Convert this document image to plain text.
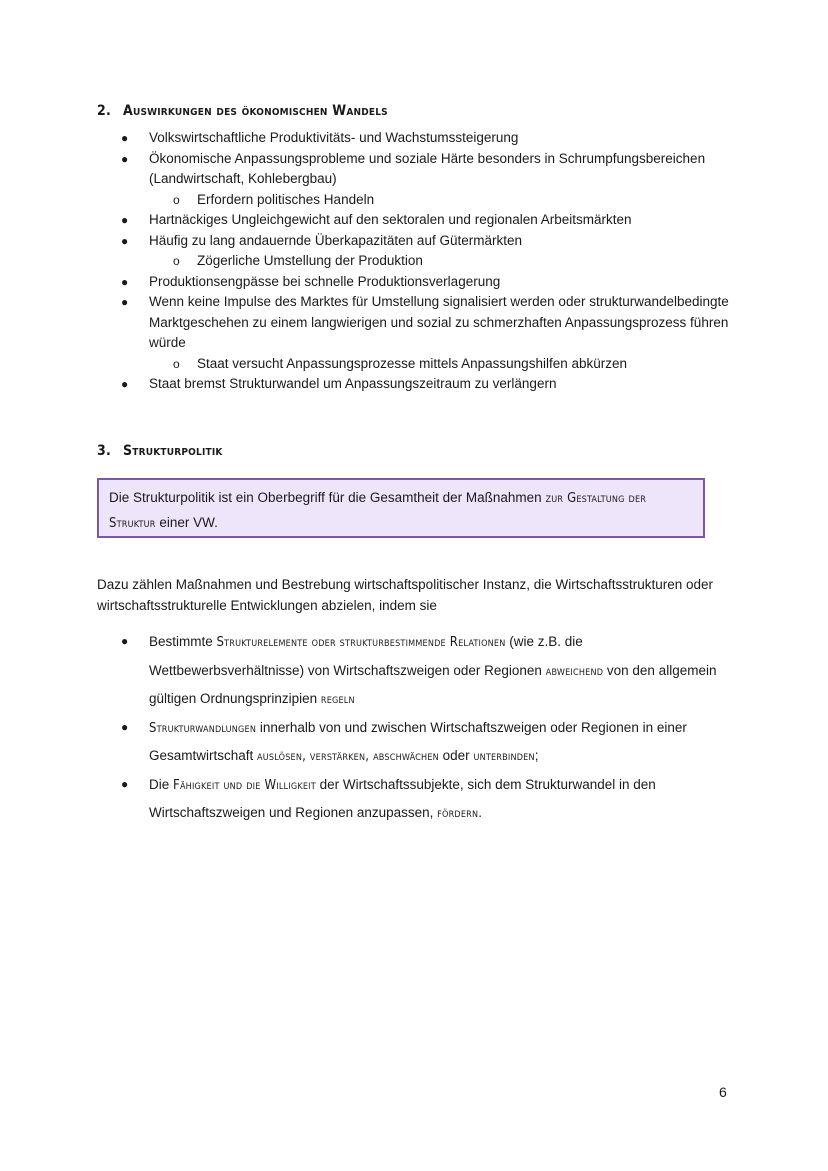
2. Auswirkungen des ökonomischen Wandels
● Volkswirtschaftliche Produktivitäts- und Wachstumssteigerung
● Ökonomische Anpassungsprobleme und soziale Härte besonders in Schrumpfungsbereichen (Landwirtschaft, Kohlebergbau)
o Erfordern politisches Handeln
● Hartnäckiges Ungleichgewicht auf den sektoralen und regionalen Arbeitsmärkten
● Häufig zu lang andauernde Überkapazitäten auf Gütermärkten
o Zögerliche Umstellung der Produktion
● Produktionsengpässe bei schnelle Produktionsverlagerung
● Wenn keine Impulse des Marktes für Umstellung signalisiert werden oder strukturwandelbedingte Marktgeschehen zu einem langwierigen und sozial zu schmerzhaften Anpassungsprozess führen würde
o Staat versucht Anpassungsprozesse mittels Anpassungshilfen abkürzen
● Staat bremst Strukturwandel um Anpassungszeitraum zu verlängern
3. Strukturpolitik
Die Strukturpolitik ist ein Oberbegriff für die Gesamtheit der Maßnahmen zur Gestaltung der Struktur einer VW.
Dazu zählen Maßnahmen und Bestrebung wirtschaftspolitischer Instanz, die Wirtschaftsstrukturen oder wirtschaftsstrukturelle Entwicklungen abzielen, indem sie
● Bestimmte Strukturelemente oder strukturbestimmende Relationen (wie z.B. die Wettbewerbsverhältnisse) von Wirtschaftszweigen oder Regionen abweichend von den allgemein gültigen Ordnungsprinzipien regeln
● Strukturwandlungen innerhalb von und zwischen Wirtschaftszweigen oder Regionen in einer Gesamtwirtschaft auslösen, verstärken, abschwächen oder unterbinden;
● Die Fähigkeit und die Willigkeit der Wirtschaftssubjekte, sich dem Strukturwandel in den Wirtschaftszweigen und Regionen anzupassen, fördern.
6
